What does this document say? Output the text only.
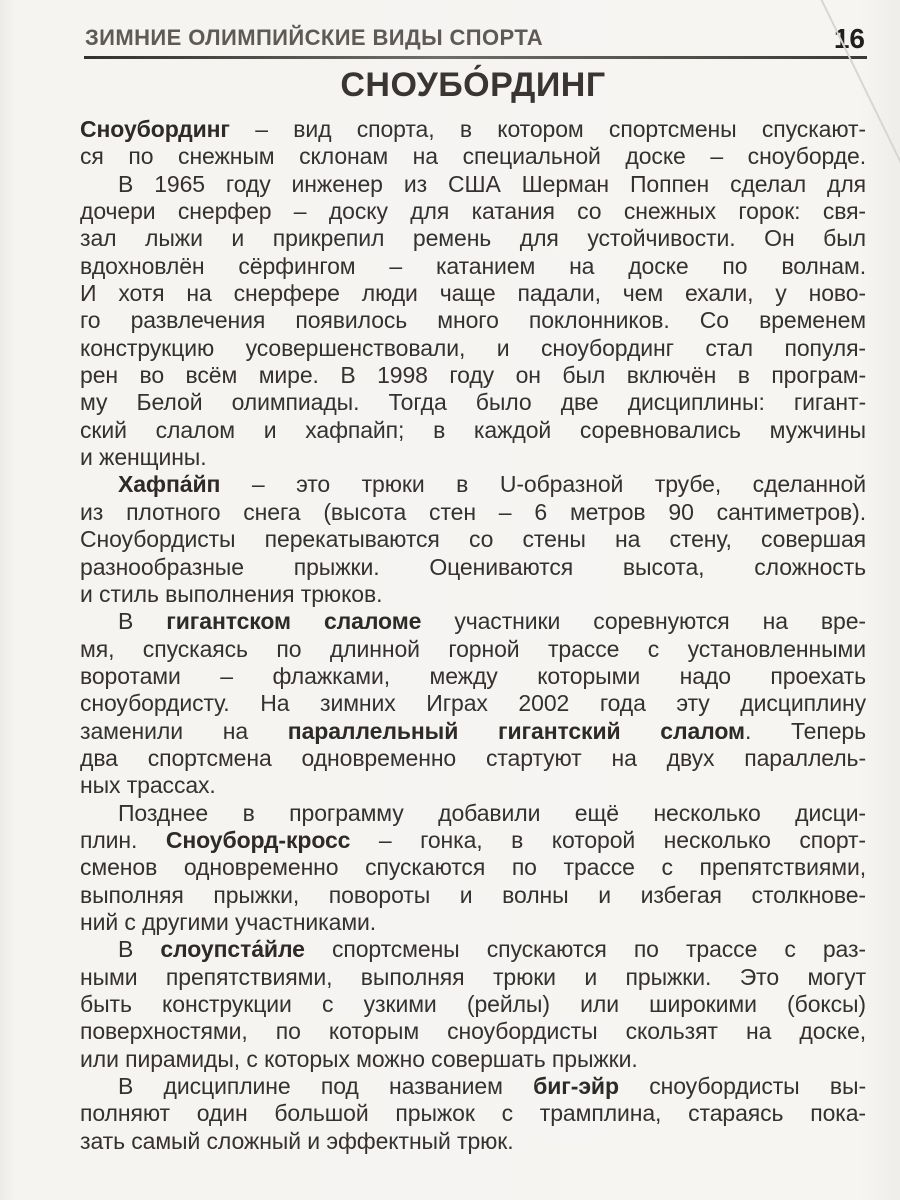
ЗИМНИЕ ОЛИМПИЙСКИЕ ВИДЫ СПОРТА	16
СНОУБО́РДИНГ
Сноубординг – вид спорта, в котором спортсмены спускают-
ся по снежным склонам на специальной доске – сноуборде.
В 1965 году инженер из США Шерман Поппен сделал для
дочери снерфер – доску для катания со снежных горок: свя-
зал лыжи и прикрепил ремень для устойчивости. Он был
вдохновлён сёрфингом – катанием на доске по волнам.
И хотя на снерфере люди чаще падали, чем ехали, у ново-
го развлечения появилось много поклонников. Со временем
конструкцию усовершенствовали, и сноубординг стал популя-
рен во всём мире. В 1998 году он был включён в програм-
му Белой олимпиады. Тогда было две дисциплины: гигант-
ский слалом и хафпайп; в каждой соревновались мужчины
и женщины.
Хафпа́йп – это трюки в U-образной трубе, сделанной
из плотного снега (высота стен – 6 метров 90 сантиметров).
Сноубордисты перекатываются со стены на стену, совершая
разнообразные прыжки. Оцениваются высота, сложность
и стиль выполнения трюков.
В гигантском слаломе участники соревнуются на вре-
мя, спускаясь по длинной горной трассе с установленными
воротами – флажками, между которыми надо проехать
сноубордисту. На зимних Играх 2002 года эту дисциплину
заменили на параллельный гигантский слалом. Теперь
два спортсмена одновременно стартуют на двух параллель-
ных трассах.
Позднее в программу добавили ещё несколько дисци-
плин. Сноуборд-кросс – гонка, в которой несколько спорт-
сменов одновременно спускаются по трассе с препятствиями,
выполняя прыжки, повороты и волны и избегая столкнове-
ний с другими участниками.
В слоупста́йле спортсмены спускаются по трассе с раз-
ными препятствиями, выполняя трюки и прыжки. Это могут
быть конструкции с узкими (рейлы) или широкими (боксы)
поверхностями, по которым сноубордисты скользят на доске,
или пирамиды, с которых можно совершать прыжки.
В дисциплине под названием биг-эйр сноубордисты вы-
полняют один большой прыжок с трамплина, стараясь пока-
зать самый сложный и эффектный трюк.
